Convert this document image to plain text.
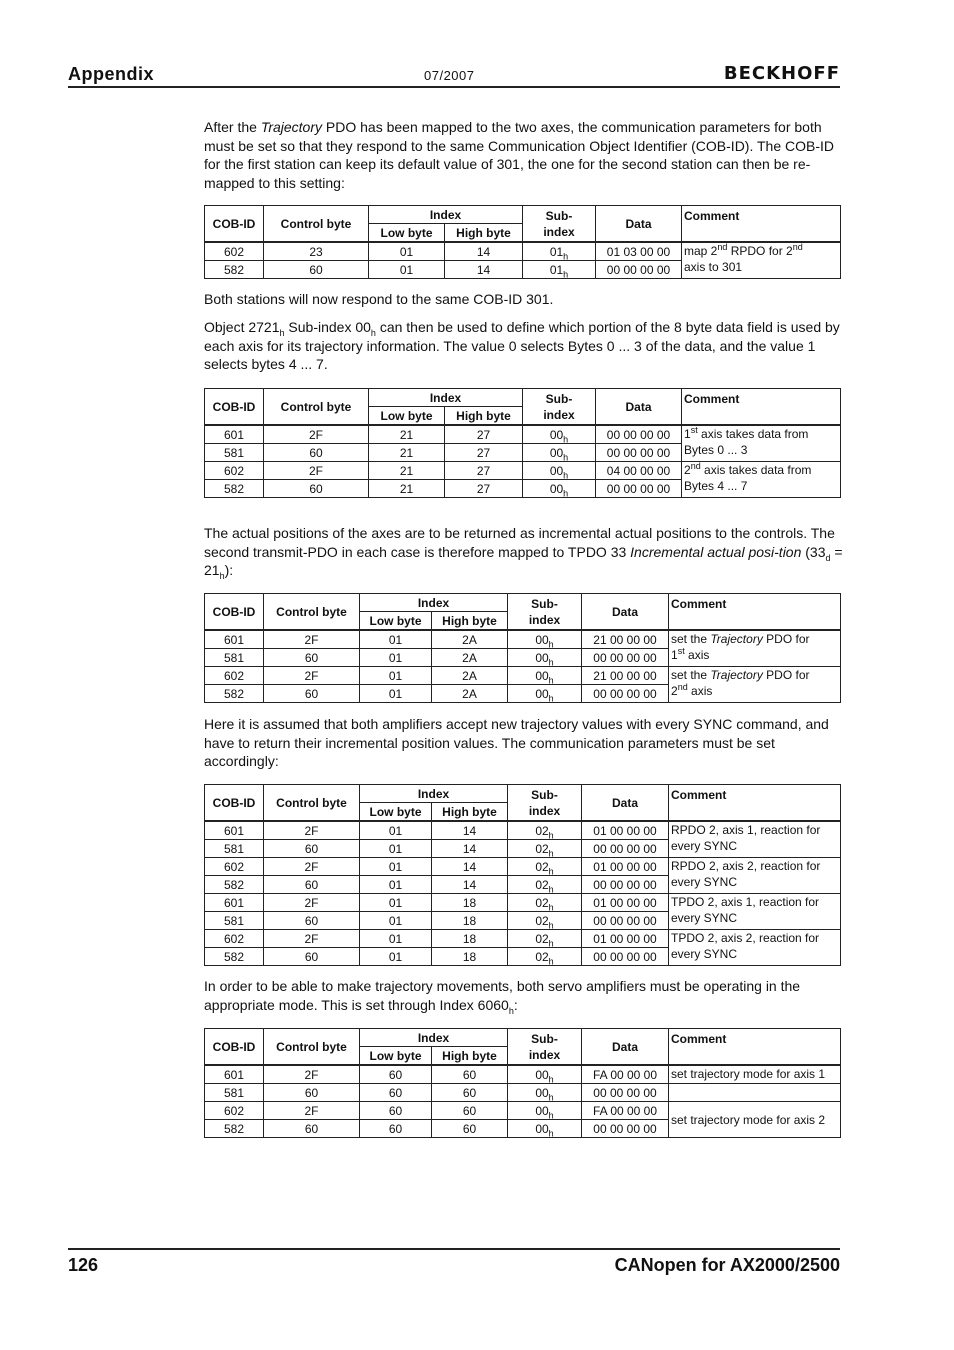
Appendix	07/2007	BECKHOFF
After the Trajectory PDO has been mapped to the two axes, the communication parameters for both must be set so that they respond to the same Communication Object Identifier (COB-ID). The COB-ID for the first station can keep its default value of 301, the one for the second station can then be re-mapped to this setting:
COB-ID	Control byte	Index		Sub-
index	Data	Comment
		Low byte	High byte			
602	23	01	14	$01_h$	01 03 00 00	map 2nd RPDO for 2nd
axis to 301
582	60	01	14	$01_h$	00 00 00 00	
Both stations will now respond to the same COB-ID 301.
Object $2721_h$ Sub-index $00_h$ can then be used to define which portion of the 8 byte data field is used by each axis for its trajectory information. The value 0 selects Bytes 0 ... 3 of the data, and the value 1 selects bytes 4 ... 7.
COB-ID	Control byte	Index		Sub-
index	Data	Comment
		Low byte	High byte			
601	2F	21	27	$00_h$	00 00 00 00	1st axis takes data from
Bytes 0 ... 3
581	60	21	27	$00_h$	00 00 00 00	
602	2F	21	27	$00_h$	04 00 00 00	2nd axis takes data from
Bytes 4 ... 7
582	60	21	27	$00_h$	00 00 00 00	
The actual positions of the axes are to be returned as incremental actual positions to the controls. The second transmit-PDO in each case is therefore mapped to TPDO 33 Incremental actual posi-tion $(33_d = 21_h)$:
COB-ID	Control byte	Index		Sub-
index	Data	Comment
		Low byte	High byte			
601	2F	01	2A	$00_h$	21 00 00 00	set the Trajectory PDO for
1st axis
581	60	01	2A	$00_h$	00 00 00 00	
602	2F	01	2A	$00_h$	21 00 00 00	set the Trajectory PDO for
2nd axis
582	60	01	2A	$00_h$	00 00 00 00	
Here it is assumed that both amplifiers accept new trajectory values with every SYNC command, and have to return their incremental position values. The communication parameters must be set accordingly:
COB-ID	Control byte	Index		Sub-
index	Data	Comment
		Low byte	High byte			
601	2F	01	14	$02_h$	01 00 00 00	RPDO 2, axis 1, reaction for
every SYNC
581	60	01	14	$02_h$	00 00 00 00	
602	2F	01	14	$02_h$	01 00 00 00	RPDO 2, axis 2, reaction for
every SYNC
582	60	01	14	$02_h$	00 00 00 00	
601	2F	01	18	$02_h$	01 00 00 00	TPDO 2, axis 1, reaction for
every SYNC
581	60	01	18	$02_h$	00 00 00 00	
602	2F	01	18	$02_h$	01 00 00 00	TPDO 2, axis 2, reaction for
every SYNC
582	60	01	18	$02_h$	00 00 00 00	
In order to be able to make trajectory movements, both servo amplifiers must be operating in the appropriate mode. This is set through Index $6060_h$:
COB-ID	Control byte	Index		Sub-
index	Data	Comment
		Low byte	High byte			
601	2F	60	60	$00_h$	FA 00 00 00	set trajectory mode for axis 1
581	60	60	60	$00_h$	00 00 00 00	
602	2F	60	60	$00_h$	FA 00 00 00	set trajectory mode for axis 2
582	60	60	60	$00_h$	00 00 00 00	
126	CANopen for AX2000/2500
